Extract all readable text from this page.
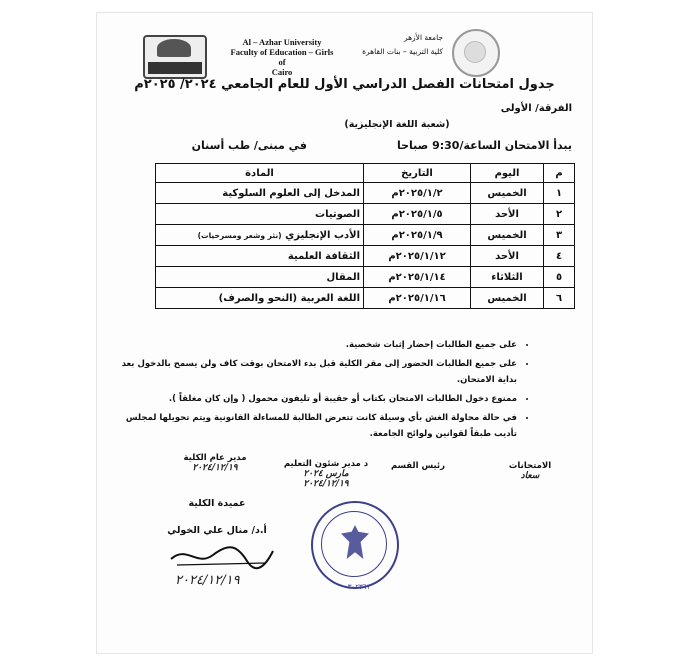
Al – Azhar University
Faculty of Education – Girls of
Cairo
جامعة الأزهر
كلية التربية – بنات القاهرة
جدول امتحانات الفصل الدراسي الأول للعام الجامعي ٢٠٢٤/ ٢٠٢٥م
الفرقة/ الأولى
(شعبة اللغة الإنجليزية)
يبدأ الامتحان الساعة/9:30 صباحا
في مبنى/ طب أسنان
م	اليوم	التاريخ	المادة
١	الخميس	٢٠٢٥/١/٢م	المدخل إلى العلوم السلوكية
٢	الأحد	٢٠٢٥/١/٥م	الصوتيات
٣	الخميس	٢٠٢٥/١/٩م	الأدب الإنجليزي (نثر وشعر ومسرحيات)
٤	الأحد	٢٠٢٥/١/١٢م	الثقافة العلمية
٥	الثلاثاء	٢٠٢٥/١/١٤م	المقال
٦	الخميس	٢٠٢٥/١/١٦م	اللغة العربية (النحو والصرف)
• على جميع الطالبات إحضار إثبات شخصية.
• على جميع الطالبات الحضور إلى مقر الكلية قبل بدء الامتحان بوقت كاف ولن يسمح بالدخول بعد بداية الامتحان.
• ممنوع دخول الطالبات الامتحان بكتاب أو حقيبة أو تليفون محمول ( وإن كان مغلقاً ).
• في حالة محاولة الغش بأي وسيلة كانت تتعرض الطالبة للمساءلة القانونية ويتم تحويلها لمجلس تأديب طبقاً لقوانين ولوائح الجامعة.
الامتحانات
سعاد
رئيس القسم
د مدير شئون التعليم
مارس ٢٠٢٤
٢٠٢٤/١٢/١٩
مدير عام الكلية
٢٠٢٤/١٢/١٩
عميدة الكلية
أ.د/ منال علي الخولي
٢٠٢٤/١٢/١٩	٣٠٢٣٦١
